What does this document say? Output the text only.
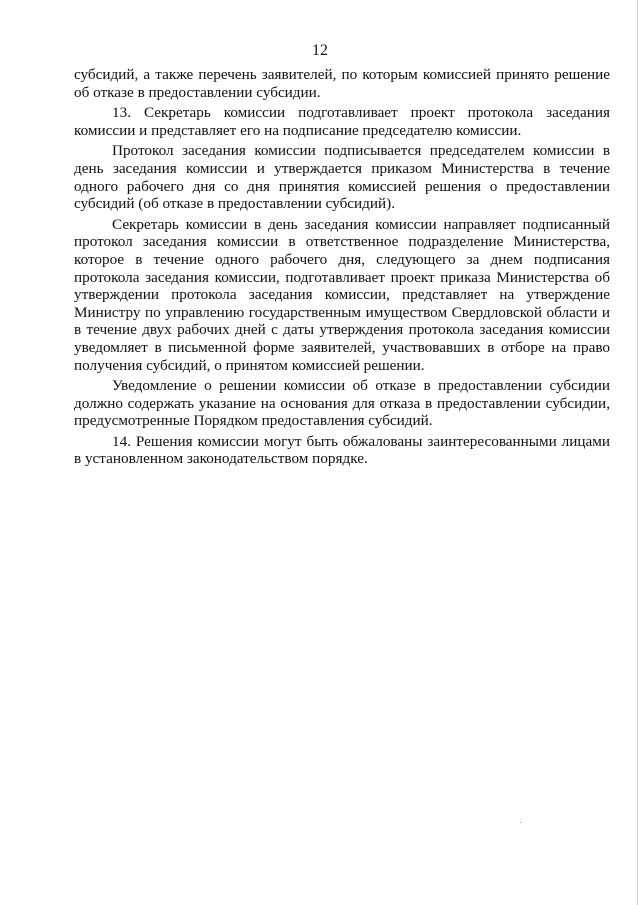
12

субсидий, а также перечень заявителей, по которым комиссией принято решение об отказе в предоставлении субсидии.

13. Секретарь комиссии подготавливает проект протокола заседания комиссии и представляет его на подписание председателю комиссии.

Протокол заседания комиссии подписывается председателем комиссии в день заседания комиссии и утверждается приказом Министерства в течение одного рабочего дня со дня принятия комиссией решения о предоставлении субсидий (об отказе в предоставлении субсидий).

Секретарь комиссии в день заседания комиссии направляет подписанный протокол заседания комиссии в ответственное подразделение Министерства, которое в течение одного рабочего дня, следующего за днем подписания протокола заседания комиссии, подготавливает проект приказа Министерства об утверждении протокола заседания комиссии, представляет на утверждение Министру по управлению государственным имуществом Свердловской области и в течение двух рабочих дней с даты утверждения протокола заседания комиссии уведомляет в письменной форме заявителей, участвовавших в отборе на право получения субсидий, о принятом комиссией решении.

Уведомление о решении комиссии об отказе в предоставлении субсидии должно содержать указание на основания для отказа в предоставлении субсидии, предусмотренные Порядком предоставления субсидий.

14. Решения комиссии могут быть обжалованы заинтересованными лицами в установленном законодательством порядке.
